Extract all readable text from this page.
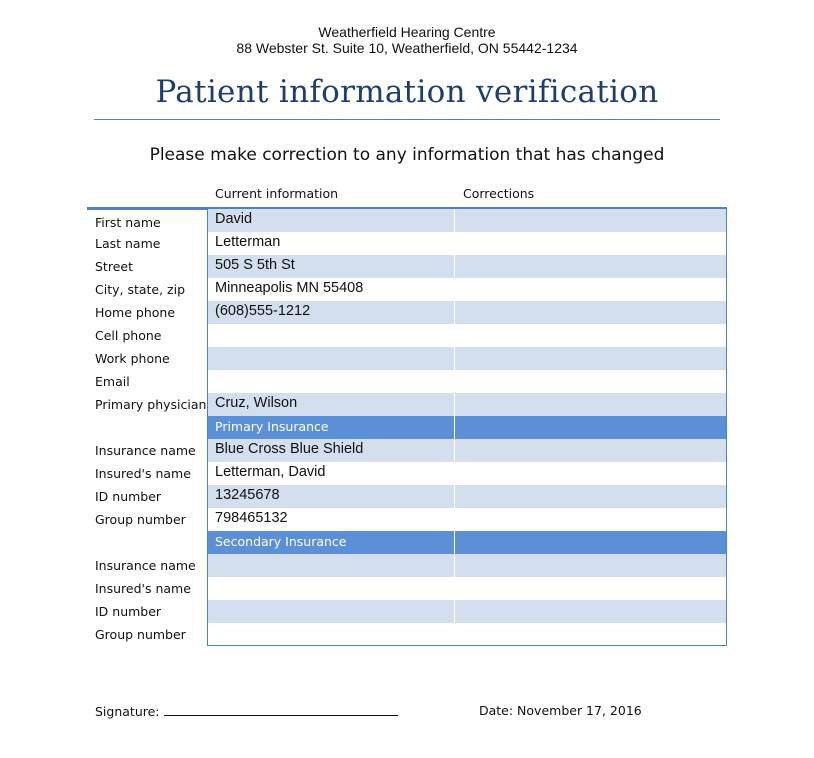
Weatherfield Hearing Centre
88 Webster St. Suite 10, Weatherfield, ON 55442-1234
Patient information verification
Please make correction to any information that has changed
Current information	Corrections
David
First name
Letterman
Last name
505 S 5th St
Street
Minneapolis MN 55408
City, state, zip
(608)555-1212
Home phone
Cell phone
Work phone
Email
Cruz, Wilson
Primary physician
Primary Insurance
Blue Cross Blue Shield
Insurance name
Letterman, David
Insured's name
13245678
ID number
798465132
Group number
Secondary Insurance
Insurance name
Insured's name
ID number
Group number
Signature:	Date: November 17, 2016
